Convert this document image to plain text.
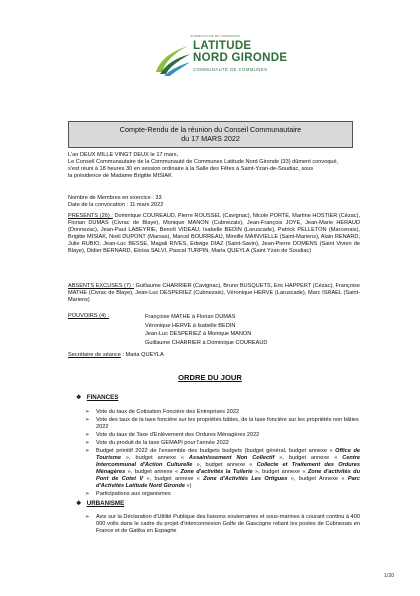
COMMUNAUTÉ DE COMMUNES
LATITUDE
NORD GIRONDE
COMMUNAUTÉ DE COMMUNES
Compte-Rendu de la réunion du Conseil Communautaire
du 17 MARS 2022
L'an DEUX MILLE VINGT DEUX le 17 mars,
Le Conseil Communautaire de la Communauté de Communes Latitude Nord Gironde (33) dûment convoqué,
s'est réuni à 18 heures 30 en session ordinaire à la Salle des Fêtes à Saint-Yzan-de-Soudiac, sous
la présidence de Madame Brigitte MISIAK
Nombre de Membres en exercice : 33
Date de la convocation : 11 mars 2022
PRESENTS (26) : Dominique COUREAUD, Pierre ROUSSEL (Cavignac), Nicole PORTE, Martine HOSTIER (Cézac), Florian DUMAS (Civrac de Blaye), Monique MANON (Cubnezais), Jean-François JOYE, Jean-Marie HERAUD (Donnezac), Jean-Paul LABEYRIE, Benoît VIDEAU, Isabelle BEDIN (Laruscade), Patrick PELLETON (Marcenais), Brigitte MISIAK, Noël DUPONT (Marsas), Marcel BOURREAU, Mireille MAINVIELLE (Saint-Mariens), Alain RENARD, Julie RUBIO, Jean-Luc BESSE, Magali RIVES, Edwige DIAZ (Saint-Savin), Jean-Pierre DOMENS (Saint Vivien de Blaye), Didier BERNARD, Eloïsa SALVI, Pascal TURPIN, Maria QUEYLA (Saint Yzan de Soudiac)
ABSENTS EXCUSES (7) : Guillaume CHARRIER (Cavignac), Bruno BUSQUETS, Eric HAPPERT (Cézac), Françoise MATHE (Civrac de Blaye), Jean-Luc DESPERIEZ (Cubnezais), Véronique HERVE (Laruscade), Marc ISRAEL (Saint-Mariens)
POUVOIRS (4) :	Françoise MATHE à Florian DUMAS
Véronique HERVE à Isabelle BEDIN
Jean-Luc DESPERIEZ à Monique MANON
Guillaume CHARRIER à Dominique COUREAUD
Secrétaire de séance : Maria QUEYLA
ORDRE DU JOUR
❖ FINANCES
➢ Vote du taux de Cotisation Foncière des Entreprises 2022
➢ Vote des taux de la taxe foncière sur les propriétés bâties, de la taxe foncière sur les propriétés non bâties 2022
➢ Vote du taux de Taxe d'Enlèvement des Ordures Ménagères 2022
➢ Vote du produit de la taxe GEMAPI pour l'année 2022
➢ Budget primitif 2022 de l'ensemble des budgets budgets (budget général, budget annexe « Office de Tourisme », budget annexe « Assainissement Non Collectif », budget annexe « Centre Intercommunal d'Action Culturelle », budget annexe « Collecte et Traitement des Ordures Ménagères », budget annexe « Zone d'activités la Tuilerie », budget annexe « Zone d'activités du Pont de Cotet V », budget annexe « Zone d'Activités Les Ortigues », budget Annexe « Parc d'Activités Latitude Nord Gironde »)
➢ Participations aux organismes
❖ URBANISME
➢ Avis sur la Déclaration d'Utilité Publique des liaisons souterraines et sous-marines à courant continu à 400 000 volts dans le cadre du projet d'interconnexion Golfe de Gascogne reliant les postes de Cubnezais en France et de Gatika en Espagne
1/20
